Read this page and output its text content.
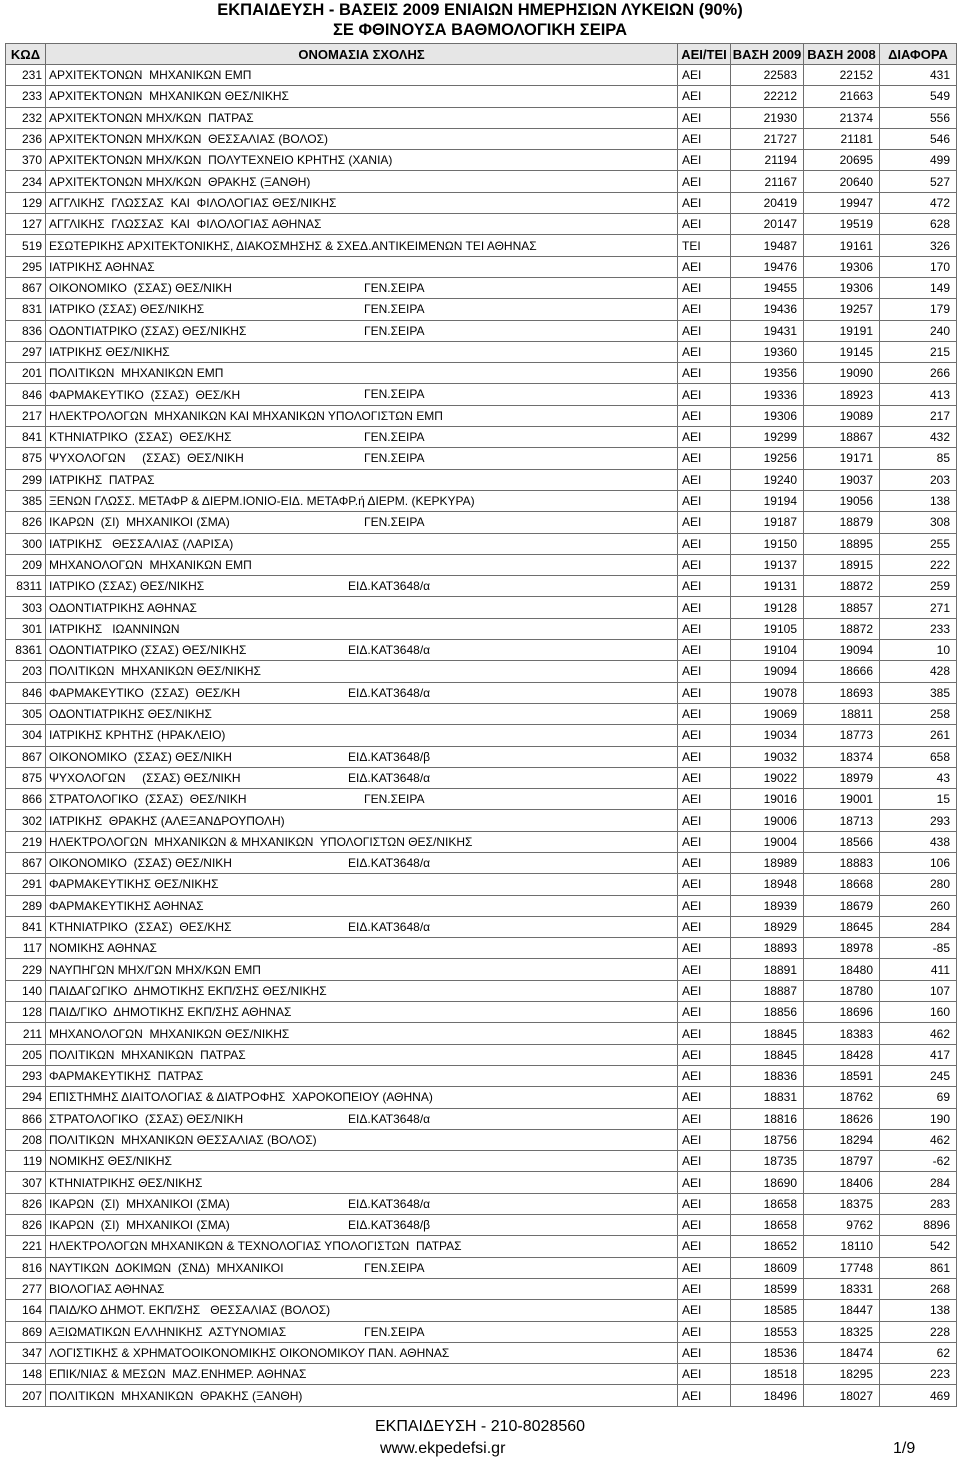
ΕΚΠΑΙΔΕΥΣΗ - ΒΑΣΕΙΣ 2009 ΕΝΙΑΙΩΝ ΗΜΕΡΗΣΙΩΝ ΛΥΚΕΙΩΝ (90%)
ΣΕ ΦΘΙΝΟΥΣΑ ΒΑΘΜΟΛΟΓΙΚΗ ΣΕΙΡΑ
ΚΩΔ	ΟΝΟΜΑΣΙΑ ΣΧΟΛΗΣ	ΑΕΙ/ΤΕΙ	ΒΑΣΗ 2009	ΒΑΣΗ 2008	ΔΙΑΦΟΡΑ
231	ΑΡΧΙΤΕΚΤΟΝΩΝ  ΜΗΧΑΝΙΚΩΝ ΕΜΠ	ΑΕΙ	22583	22152	431
233	ΑΡΧΙΤΕΚΤΟΝΩΝ  ΜΗΧΑΝΙΚΩΝ ΘΕΣ/ΝΙΚΗΣ	ΑΕΙ	22212	21663	549
232	ΑΡΧΙΤΕΚΤΟΝΩΝ ΜΗΧ/ΚΩΝ  ΠΑΤΡΑΣ	ΑΕΙ	21930	21374	556
236	ΑΡΧΙΤΕΚΤΟΝΩΝ ΜΗΧ/ΚΩΝ  ΘΕΣΣΑΛΙΑΣ (ΒΟΛΟΣ)	ΑΕΙ	21727	21181	546
370	ΑΡΧΙΤΕΚΤΟΝΩΝ ΜΗΧ/ΚΩΝ  ΠΟΛΥΤΕΧΝΕΙΟ ΚΡΗΤΗΣ (ΧΑΝΙΑ)	ΑΕΙ	21194	20695	499
234	ΑΡΧΙΤΕΚΤΟΝΩΝ ΜΗΧ/ΚΩΝ  ΘΡΑΚΗΣ (ΞΑΝΘΗ)	ΑΕΙ	21167	20640	527
129	ΑΓΓΛΙΚΗΣ  ΓΛΩΣΣΑΣ  ΚΑΙ  ΦΙΛΟΛΟΓΙΑΣ ΘΕΣ/ΝΙΚΗΣ	ΑΕΙ	20419	19947	472
127	ΑΓΓΛΙΚΗΣ  ΓΛΩΣΣΑΣ  ΚΑΙ  ΦΙΛΟΛΟΓΙΑΣ ΑΘΗΝΑΣ	ΑΕΙ	20147	19519	628
519	ΕΣΩΤΕΡΙΚΗΣ ΑΡΧΙΤΕΚΤΟΝΙΚΗΣ, ΔΙΑΚΟΣΜΗΣΗΣ & ΣΧΕΔ.ΑΝΤΙΚΕΙΜΕΝΩΝ ΤΕΙ ΑΘΗΝΑΣ	ΤΕΙ	19487	19161	326
295	ΙΑΤΡΙΚΗΣ ΑΘΗΝΑΣ	ΑΕΙ	19476	19306	170
867	ΟΙΚΟΝΟΜΙΚΟ  (ΣΣΑΣ) ΘΕΣ/ΝΙΚΗ ΓΕΝ.ΣΕΙΡΑ	ΑΕΙ	19455	19306	149
831	ΙΑΤΡΙΚΟ (ΣΣΑΣ) ΘΕΣ/ΝΙΚΗΣ ΓΕΝ.ΣΕΙΡΑ	ΑΕΙ	19436	19257	179
836	ΟΔΟΝΤΙΑΤΡΙΚΟ (ΣΣΑΣ) ΘΕΣ/ΝΙΚΗΣ ΓΕΝ.ΣΕΙΡΑ	ΑΕΙ	19431	19191	240
297	ΙΑΤΡΙΚΗΣ ΘΕΣ/ΝΙΚΗΣ	ΑΕΙ	19360	19145	215
201	ΠΟΛΙΤΙΚΩΝ  ΜΗΧΑΝΙΚΩΝ ΕΜΠ	ΑΕΙ	19356	19090	266
846	ΦΑΡΜΑΚΕΥΤΙΚΟ  (ΣΣΑΣ)  ΘΕΣ/ΚΗ ΓΕΝ.ΣΕΙΡΑ	ΑΕΙ	19336	18923	413
217	ΗΛΕΚΤΡΟΛΟΓΩΝ  ΜΗΧΑΝΙΚΩΝ ΚΑΙ ΜΗΧΑΝΙΚΩΝ ΥΠΟΛΟΓΙΣΤΩΝ ΕΜΠ	ΑΕΙ	19306	19089	217
841	ΚΤΗΝΙΑΤΡΙΚΟ  (ΣΣΑΣ)  ΘΕΣ/ΚΗΣ ΓΕΝ.ΣΕΙΡΑ	ΑΕΙ	19299	18867	432
875	ΨΥΧΟΛΟΓΩΝ     (ΣΣΑΣ)  ΘΕΣ/ΝΙΚΗ ΓΕΝ.ΣΕΙΡΑ	ΑΕΙ	19256	19171	85
299	ΙΑΤΡΙΚΗΣ  ΠΑΤΡΑΣ	ΑΕΙ	19240	19037	203
385	ΞΕΝΩΝ ΓΛΩΣΣ. ΜΕΤΑΦΡ & ΔΙΕΡΜ.ΙΟΝΙΟ-ΕΙΔ. ΜΕΤΑΦΡ.ή ΔΙΕΡΜ. (ΚΕΡΚΥΡΑ)	ΑΕΙ	19194	19056	138
826	ΙΚΑΡΩΝ  (ΣΙ)  ΜΗΧΑΝΙΚΟΙ (ΣΜΑ) ΓΕΝ.ΣΕΙΡΑ	ΑΕΙ	19187	18879	308
300	ΙΑΤΡΙΚΗΣ   ΘΕΣΣΑΛΙΑΣ (ΛΑΡΙΣΑ)	ΑΕΙ	19150	18895	255
209	ΜΗΧΑΝΟΛΟΓΩΝ  ΜΗΧΑΝΙΚΩΝ ΕΜΠ	ΑΕΙ	19137	18915	222
8311	ΙΑΤΡΙΚΟ (ΣΣΑΣ) ΘΕΣ/ΝΙΚΗΣ ΕΙΔ.ΚΑΤ3648/α	ΑΕΙ	19131	18872	259
303	ΟΔΟΝΤΙΑΤΡΙΚΗΣ ΑΘΗΝΑΣ	ΑΕΙ	19128	18857	271
301	ΙΑΤΡΙΚΗΣ   ΙΩΑΝΝΙΝΩΝ	ΑΕΙ	19105	18872	233
8361	ΟΔΟΝΤΙΑΤΡΙΚΟ (ΣΣΑΣ) ΘΕΣ/ΝΙΚΗΣ ΕΙΔ.ΚΑΤ3648/α	ΑΕΙ	19104	19094	10
203	ΠΟΛΙΤΙΚΩΝ  ΜΗΧΑΝΙΚΩΝ ΘΕΣ/ΝΙΚΗΣ	ΑΕΙ	19094	18666	428
846	ΦΑΡΜΑΚΕΥΤΙΚΟ  (ΣΣΑΣ)  ΘΕΣ/ΚΗ ΕΙΔ.ΚΑΤ3648/α	ΑΕΙ	19078	18693	385
305	ΟΔΟΝΤΙΑΤΡΙΚΗΣ ΘΕΣ/ΝΙΚΗΣ	ΑΕΙ	19069	18811	258
304	ΙΑΤΡΙΚΗΣ ΚΡΗΤΗΣ (ΗΡΑΚΛΕΙΟ)	ΑΕΙ	19034	18773	261
867	ΟΙΚΟΝΟΜΙΚΟ  (ΣΣΑΣ) ΘΕΣ/ΝΙΚΗ ΕΙΔ.ΚΑΤ3648/β	ΑΕΙ	19032	18374	658
875	ΨΥΧΟΛΟΓΩΝ     (ΣΣΑΣ) ΘΕΣ/ΝΙΚΗ ΕΙΔ.ΚΑΤ3648/α	ΑΕΙ	19022	18979	43
866	ΣΤΡΑΤΟΛΟΓΙΚΟ  (ΣΣΑΣ)  ΘΕΣ/ΝΙΚΗ ΓΕΝ.ΣΕΙΡΑ	ΑΕΙ	19016	19001	15
302	ΙΑΤΡΙΚΗΣ  ΘΡΑΚΗΣ (ΑΛΕΞΑΝΔΡΟΥΠΟΛΗ)	ΑΕΙ	19006	18713	293
219	ΗΛΕΚΤΡΟΛΟΓΩΝ  ΜΗΧΑΝΙΚΩΝ & ΜΗΧΑΝΙΚΩΝ  ΥΠΟΛΟΓΙΣΤΩΝ ΘΕΣ/ΝΙΚΗΣ	ΑΕΙ	19004	18566	438
867	ΟΙΚΟΝΟΜΙΚΟ  (ΣΣΑΣ) ΘΕΣ/ΝΙΚΗ ΕΙΔ.ΚΑΤ3648/α	ΑΕΙ	18989	18883	106
291	ΦΑΡΜΑΚΕΥΤΙΚΗΣ ΘΕΣ/ΝΙΚΗΣ	ΑΕΙ	18948	18668	280
289	ΦΑΡΜΑΚΕΥΤΙΚΗΣ ΑΘΗΝΑΣ	ΑΕΙ	18939	18679	260
841	ΚΤΗΝΙΑΤΡΙΚΟ  (ΣΣΑΣ)  ΘΕΣ/ΚΗΣ ΕΙΔ.ΚΑΤ3648/α	ΑΕΙ	18929	18645	284
117	ΝΟΜΙΚΗΣ ΑΘΗΝΑΣ	ΑΕΙ	18893	18978	-85
229	ΝΑΥΠΗΓΩΝ ΜΗΧ/ΓΩΝ ΜΗΧ/ΚΩΝ ΕΜΠ	ΑΕΙ	18891	18480	411
140	ΠΑΙΔΑΓΩΓΙΚΟ  ΔΗΜΟΤΙΚΗΣ ΕΚΠ/ΣΗΣ ΘΕΣ/ΝΙΚΗΣ	ΑΕΙ	18887	18780	107
128	ΠΑΙΔ/ΓΙΚΟ  ΔΗΜΟΤΙΚΗΣ ΕΚΠ/ΣΗΣ ΑΘΗΝΑΣ	ΑΕΙ	18856	18696	160
211	ΜΗΧΑΝΟΛΟΓΩΝ  ΜΗΧΑΝΙΚΩΝ ΘΕΣ/ΝΙΚΗΣ	ΑΕΙ	18845	18383	462
205	ΠΟΛΙΤΙΚΩΝ  ΜΗΧΑΝΙΚΩΝ  ΠΑΤΡΑΣ	ΑΕΙ	18845	18428	417
293	ΦΑΡΜΑΚΕΥΤΙΚΗΣ  ΠΑΤΡΑΣ	ΑΕΙ	18836	18591	245
294	ΕΠΙΣΤΗΜΗΣ ΔΙΑΙΤΟΛΟΓΙΑΣ & ΔΙΑΤΡΟΦΗΣ  ΧΑΡΟΚΟΠΕΙΟΥ (ΑΘΗΝΑ)	ΑΕΙ	18831	18762	69
866	ΣΤΡΑΤΟΛΟΓΙΚΟ  (ΣΣΑΣ) ΘΕΣ/ΝΙΚΗ ΕΙΔ.ΚΑΤ3648/α	ΑΕΙ	18816	18626	190
208	ΠΟΛΙΤΙΚΩΝ  ΜΗΧΑΝΙΚΩΝ ΘΕΣΣΑΛΙΑΣ (ΒΟΛΟΣ)	ΑΕΙ	18756	18294	462
119	ΝΟΜΙΚΗΣ ΘΕΣ/ΝΙΚΗΣ	ΑΕΙ	18735	18797	-62
307	ΚΤΗΝΙΑΤΡΙΚΗΣ ΘΕΣ/ΝΙΚΗΣ	ΑΕΙ	18690	18406	284
826	ΙΚΑΡΩΝ  (ΣΙ)  ΜΗΧΑΝΙΚΟΙ (ΣΜΑ) ΕΙΔ.ΚΑΤ3648/α	ΑΕΙ	18658	18375	283
826	ΙΚΑΡΩΝ  (ΣΙ)  ΜΗΧΑΝΙΚΟΙ (ΣΜΑ) ΕΙΔ.ΚΑΤ3648/β	ΑΕΙ	18658	9762	8896
221	ΗΛΕΚΤΡΟΛΟΓΩΝ ΜΗΧΑΝΙΚΩΝ & ΤΕΧΝΟΛΟΓΙΑΣ ΥΠΟΛΟΓΙΣΤΩΝ  ΠΑΤΡΑΣ	ΑΕΙ	18652	18110	542
816	ΝΑΥΤΙΚΩΝ  ΔΟΚΙΜΩΝ  (ΣΝΔ)  ΜΗΧΑΝΙΚΟΙ ΓΕΝ.ΣΕΙΡΑ	ΑΕΙ	18609	17748	861
277	ΒΙΟΛΟΓΙΑΣ ΑΘΗΝΑΣ	ΑΕΙ	18599	18331	268
164	ΠΑΙΔ/ΚΟ ΔΗΜΟΤ. ΕΚΠ/ΣΗΣ   ΘΕΣΣΑΛΙΑΣ (ΒΟΛΟΣ)	ΑΕΙ	18585	18447	138
869	ΑΞΙΩΜΑΤΙΚΩΝ ΕΛΛΗΝΙΚΗΣ  ΑΣΤΥΝΟΜΙΑΣ ΓΕΝ.ΣΕΙΡΑ	ΑΕΙ	18553	18325	228
347	ΛΟΓΙΣΤΙΚΗΣ & ΧΡΗΜΑΤΟΟΙΚΟΝΟΜΙΚΗΣ ΟΙΚΟΝΟΜΙΚΟΥ ΠΑΝ. ΑΘΗΝΑΣ	ΑΕΙ	18536	18474	62
148	ΕΠΙΚ/ΝΙΑΣ & ΜΕΣΩΝ  ΜΑΖ.ΕΝΗΜΕΡ. ΑΘΗΝΑΣ	ΑΕΙ	18518	18295	223
207	ΠΟΛΙΤΙΚΩΝ  ΜΗΧΑΝΙΚΩΝ  ΘΡΑΚΗΣ (ΞΑΝΘΗ)	ΑΕΙ	18496	18027	469
ΕΚΠΑΙΔΕΥΣΗ - 210-8028560
www.ekpedefsi.gr	1/9
